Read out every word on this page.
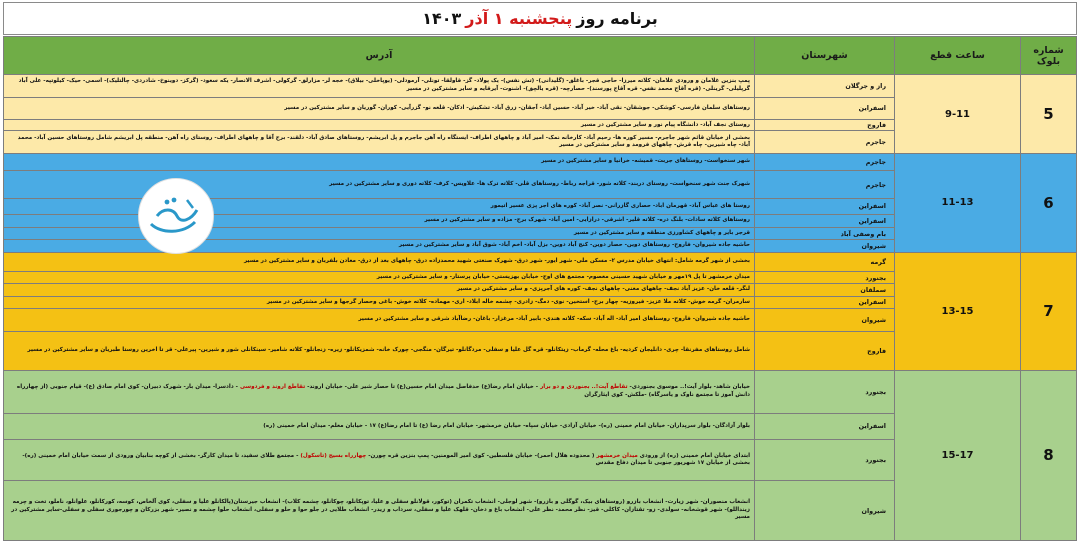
برنامه روز
پنجشنبه ۱ آذر
۱۴۰۳
شماره بلوک	ساعت قطع	شهرستان	آدرس
5	9-11	راز و جرگلان	پمپ بنزین غلامان و ورودی غلامان- کلاته میرزا- حاجی قجر- باغلق- (گلیدانی)- (تش نفس)- یک پولاد- گز- قاولقا- تونلی- آرمودلی- (یوپاخلی- بیلاق)- خجه لر- مزارلق- گرکولی- اشرف الانصار- یکه سعود- (گرکز- دوینوخ- شادردی- چالتلیک)- اسمی- حیک- کیلوتپه- علی آباد گرپلیلی- گرینلی- (قره آقاج محمد نفس- قره آقاج پورسند)- حصارچه- (قره یالچق)- اشنوت- آیرقایه و سایر مشترکین در مسیر
		اسفراین	روستاهای سلمان فارسی- کوشکی- جوشقان- نقی آباد- خیر آباد- حسین آباد- آجقان- زرق آباد- تشکیش- ادکان- قلعه نو- گزرآیی- کوران- گوریان و سایر مشترکین در مسیر
		فاروج	روستای نجف آباد- دانشگاه پیام نور و سایر مشترکین در مسیر
		جاجرم	بخشی از خیابان قائم شهر جاجرم- مسیر کوره ها- رحیم آباد- کارخانه نمک- امیر آباد و چاههای اطراف- ایستگاه راه آهن جاجرم و پل ابریشم- روستاهای صادق آباد- دلقند- برج آقا و چاههای اطراف- روستای راه آهن- منطقه پل ابریشم شامل روستاهای حسین آباد- محمد آباد- چاه شیرین- چاه قرش- چاههای فرومد و سایر مشترکین در مسیر
6	11-13	جاجرم	شهر سنخواست- روستاهای جربت- قمیشه- خرانیا و سایر مشترکین در مسیر
		جاجرم	شهرک جنت شهر سنخواست- روستای دربند- کلاته شور- قراجه رباط- روستاهای قلی- کلاته ترک ها- علاویس- کرف- کلاته دوری و سایر مشترکین در مسیر
		اسفراین	روستا های عباس آباد- قهرمان اباد- حصاری گازرانی- نصر آباد- کوره های اجر پزی عسیر اتیمور
		اسفراین	روستاهای کلاته سادات- بلنگ دره- کلاته قلیر- اشرقی- درازایی- امین آباد- شهرک برج- مزاده و سایر مشترکین در مسیر
		بام وصفی آباد	قرجر بایر و چاههای کشاورزی منطقه و سایر مشترکین در مسیر
		شیروان	حاشیه جاده شیروان- فاروج- روستاهای دوین- حصار دوین- کنج آباد دوین- بزل آباد- اخم آباد- شوق آباد و سایر مشترکین در مسیر
7	13-15	گرمه	بخشی از شهر گرمه شامل: انتهای خیابان مدرس ۲- مسکن ملی- شهر ایور- شهر درق- شهرک صنعتی شهید محمدزاده درق- چاههای بعد از درق- معادن بلفربان و سایر مشترکین در مسیر
		بجنورد	میدان خرمشهر تا پل ۱۹مهر و خیابان شهید حسینی معصوم- مجتمع های اوج- خیابان بهزیستی- خیابان پرستار- و سایر مشترکین در مسیر
		سملقان	لنگر- قلعه خان- عزیز آباد نجف- چاههای معنی- چاههای نجف- کوره های آجرپزی- و سایر مشترکین در مسیر
		اسفراین	سارمران- گرمه خوش- کلاته ملا عزیز- فیروزیه- چهار برج- استخین- نوی- دمگ- زادری- چشمه خاله ابلاد- اری- مهماده- کلاته خوش- باغی وحصار گرجها و سایر مشترکین در مسیر
		شیروان	حاشیه جاده شیروان- فاروج- روستاهای امیر آباد- اله آباد- سکه- کلاته هندی- بابیر آباد- مرغزار- باغان- رضاآباد شرقی و سایر مشترکین در مسیر
		فاروج	شامل روستاهای مفرنقا- چری- دانلیجان کردیه- باغ محله- گرماب- زیتکانلو- قره گل علیا و سفلی- مردگانلو- تیرگان- منگجی- چورک خانه- شمزیکانلو- زیره- زنجانلو- کلاته شامیر- سینکانلی شور و شیرین- پیرعلی- قر تا اخرین روستا طبریان و سایر مشترکین در مسیر
8	15-17	بجنورد	خیابان شاهد- بلوار آیت!.. موسوی بجنوردی- تقاطع آیت!.. بجنوردی و دو برار - خیابان امام رضا(ع) حدفاصل میدان امام حسین(ع) تا حصار شیر علی- خیابان اروند- تقاطع اروند و فردوسی - دادسرا- میدان بار- شهرک دبیران- کوی امام صادق (ع)- قیام جنوبی (از چهارراه دانش آموز تا مجتمع ناوک و یاسرگاه) -ملکش- کوی ایثارگران
		اسفراین	بلوار آزادگان- بلوار سرپداران- خیابان امام خمینی (ره)- خیابان آزادی- خیابان سپاه- خیابان خرمشهر- خیابان امام رضا (ع) تا امام رضا(ع) ۱۷ - خیابان معلم- میدان امام خمینی (ره)
		بجنورد	ابتدای خیابان امام خمینی (ره) از ورودی میدان خرمشهر ( محدوده هلال احمر)- خیابان فلسطین- کوی امیر المومنین- پمپ بنزین قره چورن- چهارراه بسیج (تاسکول) - مجتمع طلای سفید، تا میدان کارگر- بخشی از کوچه بنابیان ورودی از سمت خیابان امام خمینی (ره)- بخشی از خیابان ۱۷ شهریور جنوبی تا میدان دفاع مقدس
		شیروان	انشعاب منصوران- شهر زیارت- انشعاب بازرو (روستاهای بیک، گوگلی و بازرو)- شهر لوجلی- انشعاب تکمران (توکور، قولانلو سفلی و علیا، توپکانلو، چوکانلو، چشمه کلاب)- انشعاب جیرستان(پالکانلو علیا و سفلی، کوی آلخاص، کوسه، کورکانلو، علوانلو، ناملو، تخت و چرمه زینداللو)- شهر قوشخانه- سولدی- زو- تقتازان- کاکلی- قیز- نظر محمد- نظر علی- انشعاب باغ و دخان- قلهک علیا و سفلی، سرداب و زیدر- انشعاب طلایی در جلو حوا و حلو و سفلی، انشعاب حلوا چشمه و نصیر- شهر بزرکان و چورجوری سفلی و سفلی-سایر مشترکین در مسیر
